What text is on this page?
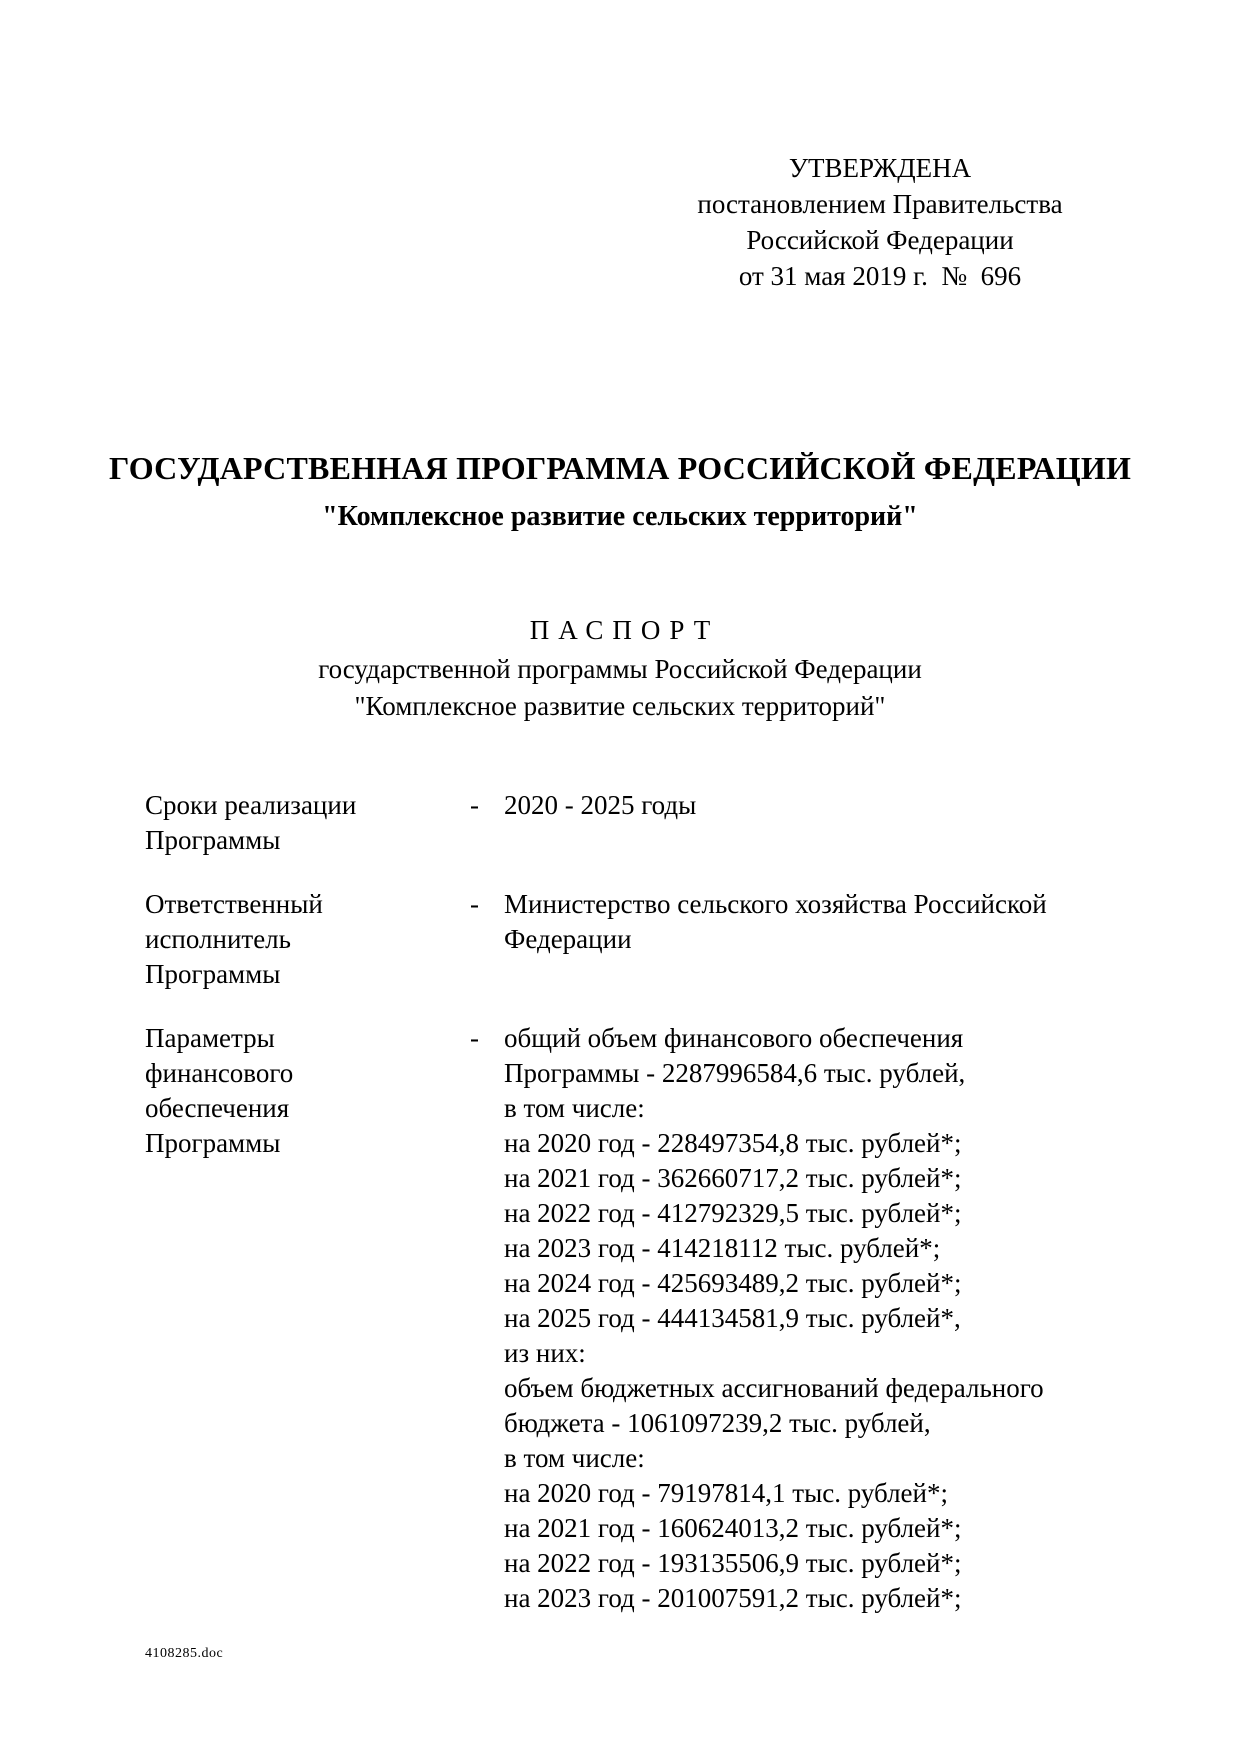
УТВЕРЖДЕНА
постановлением Правительства
Российской Федерации
от 31 мая 2019 г.  №  696
ГОСУДАРСТВЕННАЯ ПРОГРАММА РОССИЙСКОЙ ФЕДЕРАЦИИ
"Комплексное развитие сельских территорий"
ПАСПОРТ
государственной программы Российской Федерации
"Комплексное развитие сельских территорий"
Сроки реализации
Программы
- 2020 - 2025 годы
Ответственный
исполнитель
Программы
- Министерство сельского хозяйства Российской
Федерации
Параметры
финансового
обеспечения
Программы
- общий объем финансового обеспечения
Программы - 2287996584,6 тыс. рублей,
в том числе:
на 2020 год - 228497354,8 тыс. рублей*;
на 2021 год - 362660717,2 тыс. рублей*;
на 2022 год - 412792329,5 тыс. рублей*;
на 2023 год - 414218112 тыс. рублей*;
на 2024 год - 425693489,2 тыс. рублей*;
на 2025 год - 444134581,9 тыс. рублей*,
из них:
объем бюджетных ассигнований федерального
бюджета - 1061097239,2 тыс. рублей,
в том числе:
на 2020 год - 79197814,1 тыс. рублей*;
на 2021 год - 160624013,2 тыс. рублей*;
на 2022 год - 193135506,9 тыс. рублей*;
на 2023 год - 201007591,2 тыс. рублей*;
4108285.doc
